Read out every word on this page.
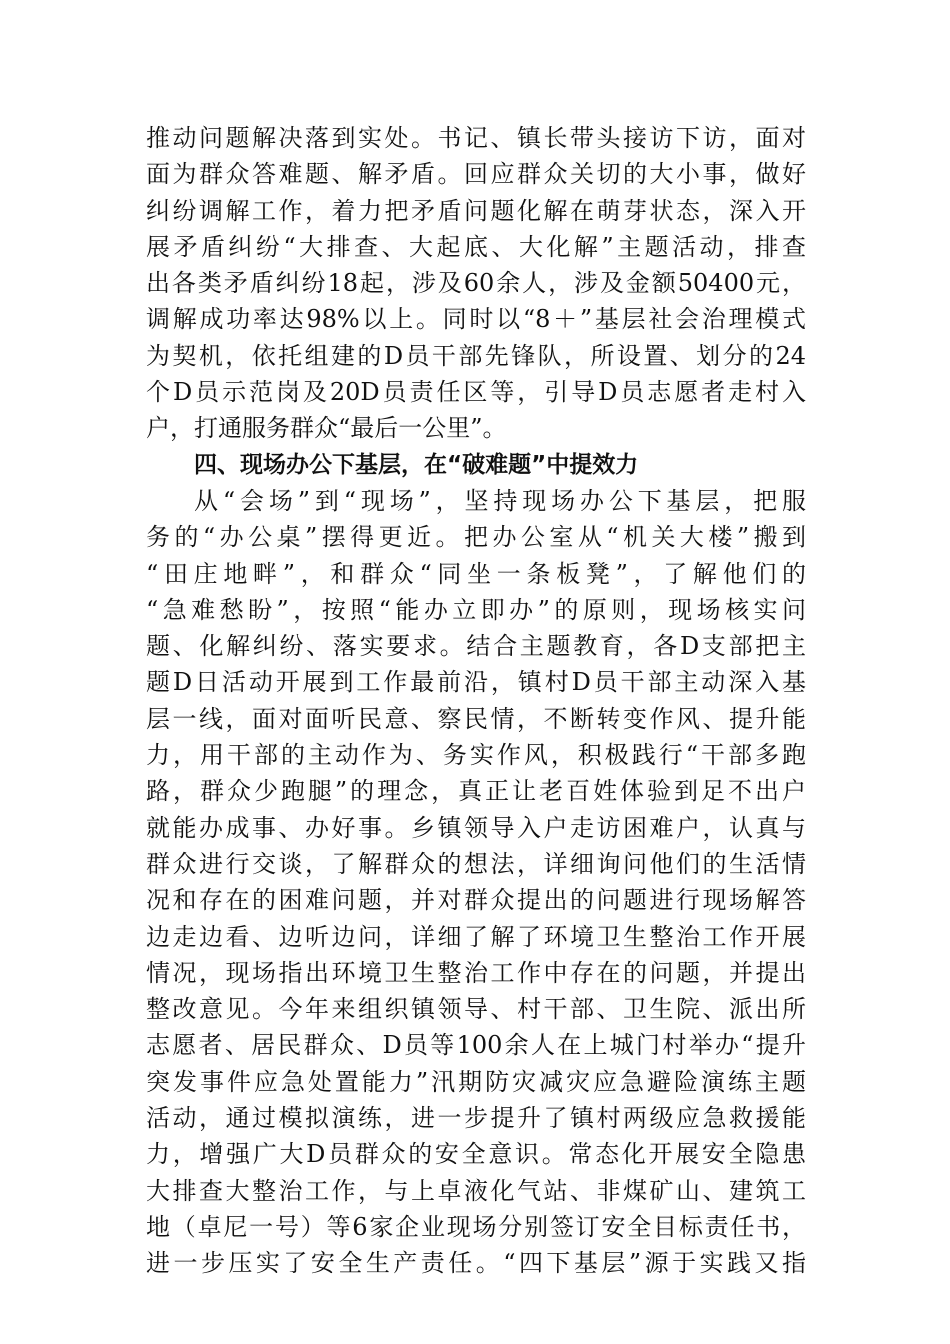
推动问题解决落到实处。书记、镇长带头接访下访，面对
面为群众答难题、解矛盾。回应群众关切的大小事，做好
纠纷调解工作，着力把矛盾问题化解在萌芽状态，深入开
展矛盾纠纷“大排查、大起底、大化解”主题活动，排查
出各类矛盾纠纷18起，涉及60余人，涉及金额50400元，
调解成功率达98%以上。同时以“8＋”基层社会治理模式
为契机，依托组建的D员干部先锋队，所设置、划分的24
个D员示范岗及20D员责任区等，引导D员志愿者走村入
户，打通服务群众“最后一公里”。
四、现场办公下基层，在“破难题”中提效力
从“会场”到“现场”，坚持现场办公下基层，把服
务的“办公桌”摆得更近。把办公室从“机关大楼”搬到
“田庄地畔”，和群众“同坐一条板凳”，了解他们的
“急难愁盼”，按照“能办立即办”的原则，现场核实问
题、化解纠纷、落实要求。结合主题教育，各D支部把主
题D日活动开展到工作最前沿，镇村D员干部主动深入基
层一线，面对面听民意、察民情，不断转变作风、提升能
力，用干部的主动作为、务实作风，积极践行“干部多跑
路，群众少跑腿”的理念，真正让老百姓体验到足不出户
就能办成事、办好事。乡镇领导入户走访困难户，认真与
群众进行交谈，了解群众的想法，详细询问他们的生活情
况和存在的困难问题，并对群众提出的问题进行现场解答
边走边看、边听边问，详细了解了环境卫生整治工作开展
情况，现场指出环境卫生整治工作中存在的问题，并提出
整改意见。今年来组织镇领导、村干部、卫生院、派出所
志愿者、居民群众、D员等100余人在上城门村举办“提升
突发事件应急处置能力”汛期防灾减灾应急避险演练主题
活动，通过模拟演练，进一步提升了镇村两级应急救援能
力，增强广大D员群众的安全意识。常态化开展安全隐患
大排查大整治工作，与上卓液化气站、非煤矿山、建筑工
地（卓尼一号）等6家企业现场分别签订安全目标责任书，
进一步压实了安全生产责任。“四下基层”源于实践又指
